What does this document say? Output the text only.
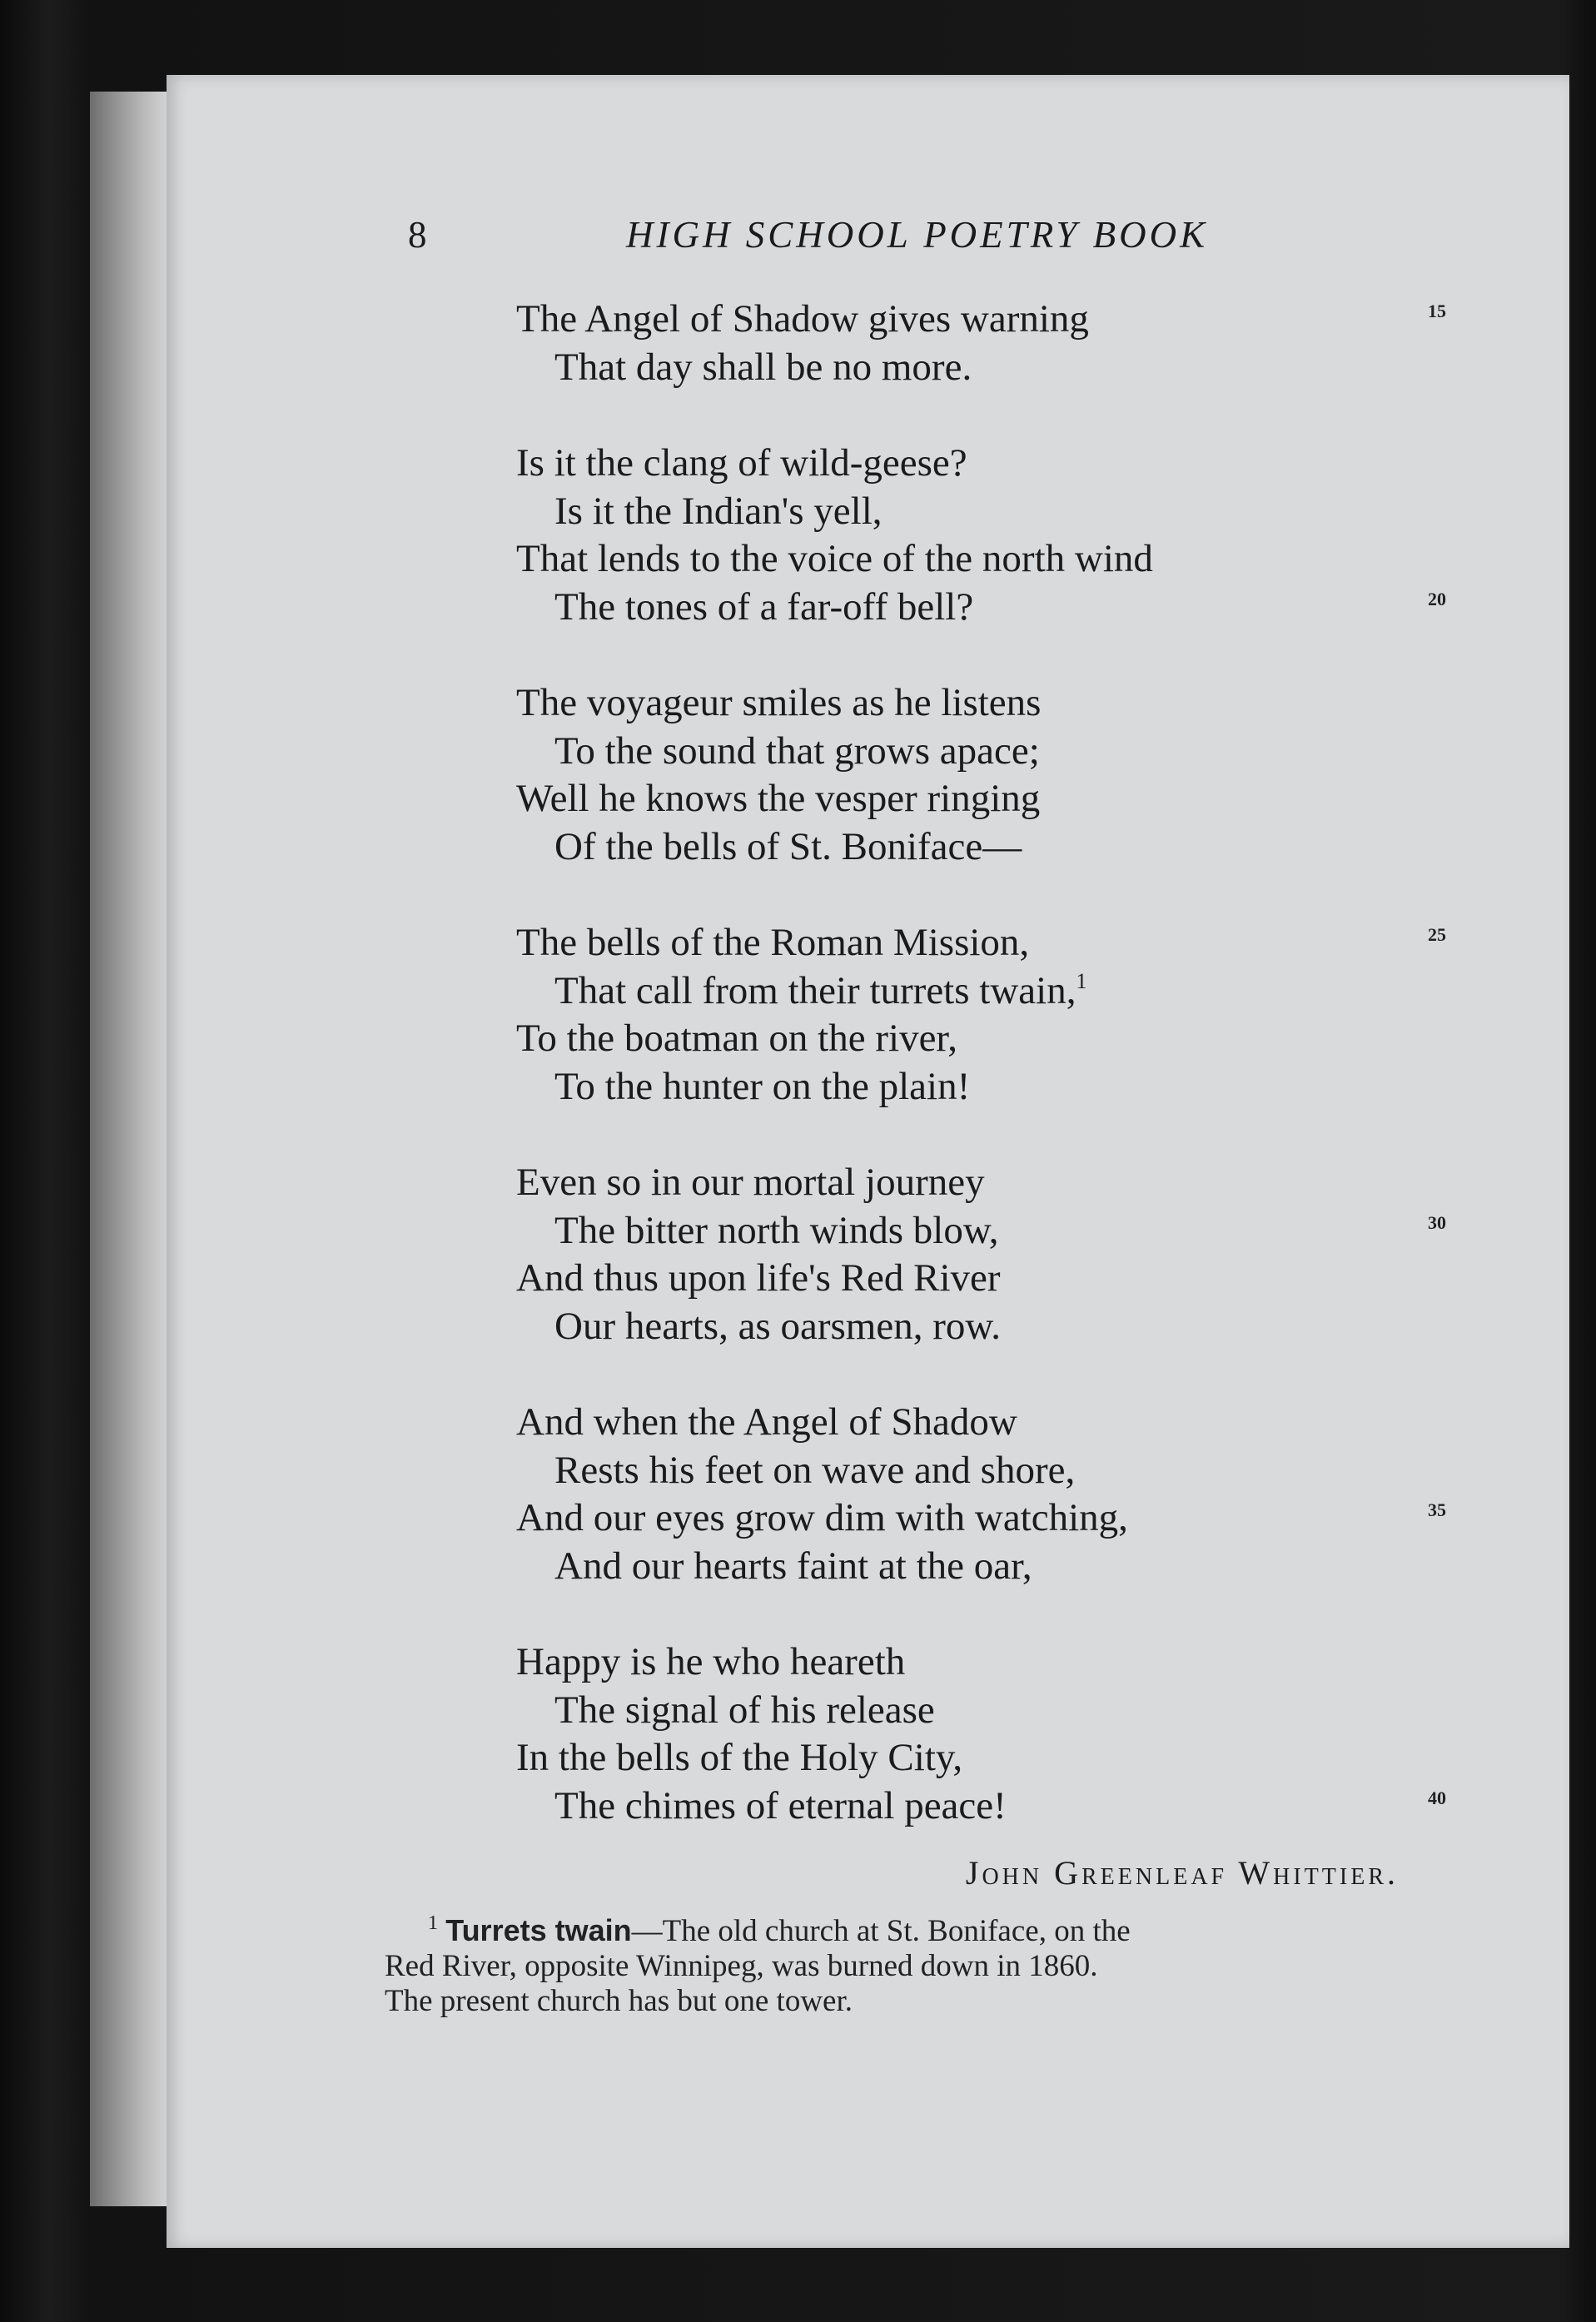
8	HIGH SCHOOL POETRY BOOK
The Angel of Shadow gives warning	15
That day shall be no more.
Is it the clang of wild-geese?
Is it the Indian's yell,
That lends to the voice of the north wind
The tones of a far-off bell?	20
The voyageur smiles as he listens
To the sound that grows apace;
Well he knows the vesper ringing
Of the bells of St. Boniface—
The bells of the Roman Mission,	25
That call from their turrets twain,$^1$
To the boatman on the river,
To the hunter on the plain!
Even so in our mortal journey
The bitter north winds blow,	30
And thus upon life's Red River
Our hearts, as oarsmen, row.
And when the Angel of Shadow
Rests his feet on wave and shore,
And our eyes grow dim with watching,	35
And our hearts faint at the oar,
Happy is he who heareth
The signal of his release
In the bells of the Holy City,
The chimes of eternal peace!	40
John Greenleaf Whittier.
$^1$ Turrets twain—The old church at St. Boniface, on the
Red River, opposite Winnipeg, was burned down in 1860.
The present church has but one tower.
